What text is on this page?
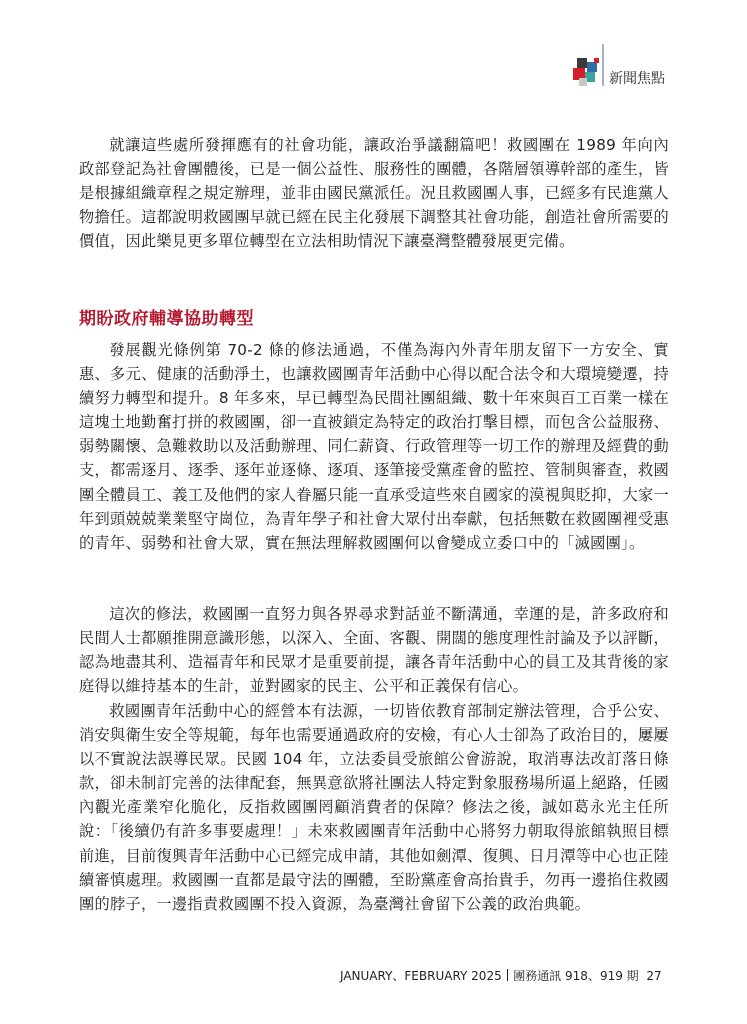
新聞焦點

就讓這些處所發揮應有的社會功能，讓政治爭議翻篇吧！救國團在 1989 年向內政部登記為社會團體後，已是一個公益性、服務性的團體，各階層領導幹部的產生，皆是根據組織章程之規定辦理，並非由國民黨派任。況且救國團人事，已經多有民進黨人物擔任。這都說明救國團早就已經在民主化發展下調整其社會功能，創造社會所需要的價值，因此樂見更多單位轉型在立法相助情況下讓臺灣整體發展更完備。

期盼政府輔導協助轉型

發展觀光條例第 70-2 條的修法通過，不僅為海內外青年朋友留下一方安全、實惠、多元、健康的活動淨土，也讓救國團青年活動中心得以配合法令和大環境變遷，持續努力轉型和提升。8 年多來，早已轉型為民間社團組織、數十年來與百工百業一樣在這塊土地勤奮打拼的救國團，卻一直被鎖定為特定的政治打擊目標，而包含公益服務、弱勢關懷、急難救助以及活動辦理、同仁薪資、行政管理等一切工作的辦理及經費的動支，都需逐月、逐季、逐年並逐條、逐項、逐筆接受黨產會的監控、管制與審查，救國團全體員工、義工及他們的家人眷屬只能一直承受這些來自國家的漠視與貶抑，大家一年到頭兢兢業業堅守崗位，為青年學子和社會大眾付出奉獻，包括無數在救國團裡受惠的青年、弱勢和社會大眾，實在無法理解救國團何以會變成立委口中的「滅國團」。

這次的修法，救國團一直努力與各界尋求對話並不斷溝通，幸運的是，許多政府和民間人士都願推開意識形態，以深入、全面、客觀、開闊的態度理性討論及予以評斷，認為地盡其利、造福青年和民眾才是重要前提，讓各青年活動中心的員工及其背後的家庭得以維持基本的生計，並對國家的民主、公平和正義保有信心。

救國團青年活動中心的經營本有法源，一切皆依教育部制定辦法管理，合乎公安、消安與衛生安全等規範，每年也需要通過政府的安檢，有心人士卻為了政治目的，屢屢以不實說法誤導民眾。民國 104 年，立法委員受旅館公會游說，取消專法改訂落日條款，卻未制訂完善的法律配套，無異意欲將社團法人特定對象服務場所逼上絕路，任國內觀光產業窄化脆化，反指救國團罔顧消費者的保障？修法之後，誠如葛永光主任所說：「後續仍有許多事要處理！」未來救國團青年活動中心將努力朝取得旅館執照目標前進，目前復興青年活動中心已經完成申請，其他如劍潭、復興、日月潭等中心也正陸續審慎處理。救國團一直都是最守法的團體，至盼黨產會高抬貴手，勿再一邊掐住救國團的脖子，一邊指責救國團不投入資源，為臺灣社會留下公義的政治典範。

JANUARY、FEBRUARY 2025 團務通訊 918、919 期 27
